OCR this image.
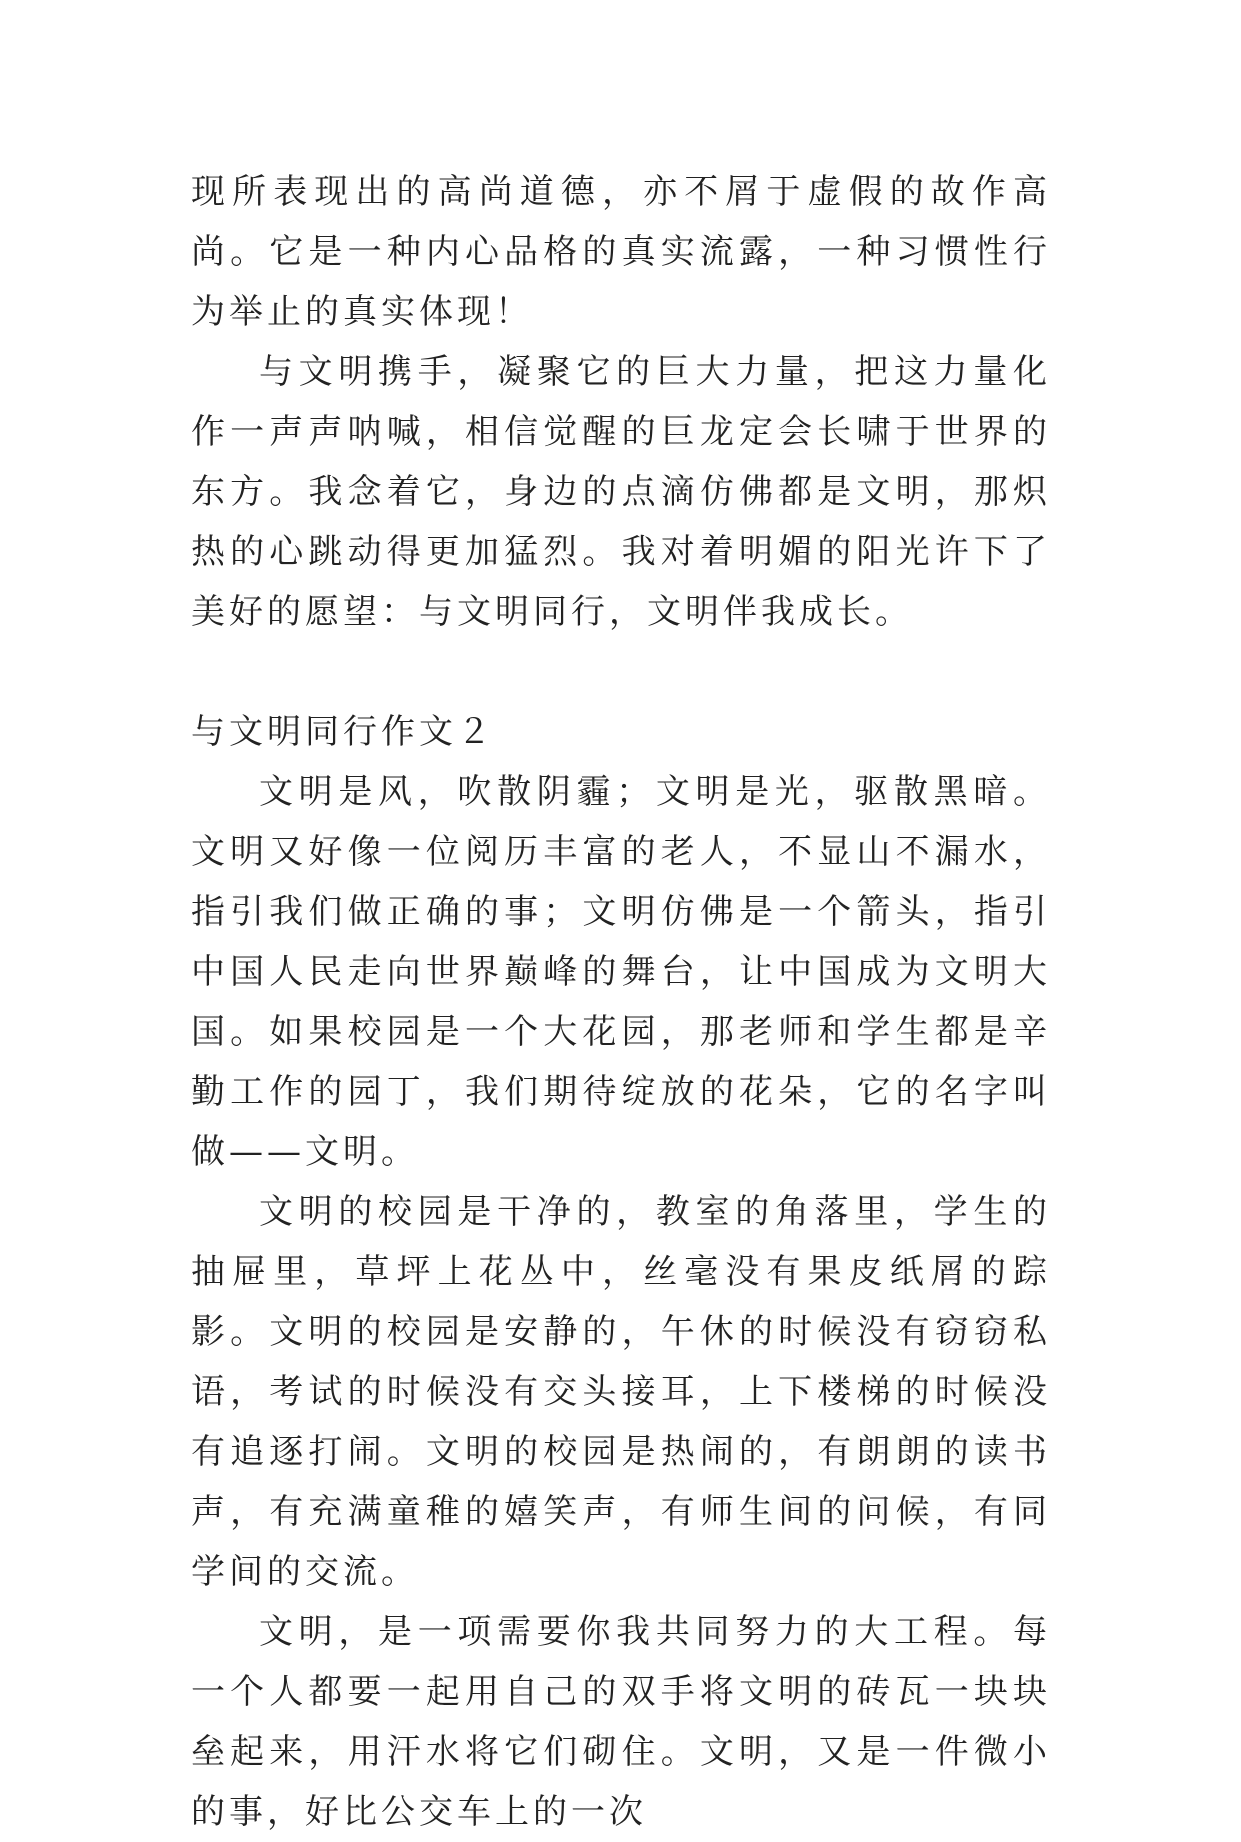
现所表现出的高尚道德，亦不屑于虚假的故作高尚。它是一种内心品格的真实流露，一种习惯性行为举止的真实体现！

与文明携手，凝聚它的巨大力量，把这力量化作一声声呐喊，相信觉醒的巨龙定会长啸于世界的东方。我念着它，身边的点滴仿佛都是文明，那炽热的心跳动得更加猛烈。我对着明媚的阳光许下了美好的愿望：与文明同行，文明伴我成长。

与文明同行作文２

文明是风，吹散阴霾；文明是光，驱散黑暗。文明又好像一位阅历丰富的老人，不显山不漏水，指引我们做正确的事；文明仿佛是一个箭头，指引中国人民走向世界巅峰的舞台，让中国成为文明大国。如果校园是一个大花园，那老师和学生都是辛勤工作的园丁，我们期待绽放的花朵，它的名字叫做——文明。

文明的校园是干净的，教室的角落里，学生的抽屉里，草坪上花丛中，丝毫没有果皮纸屑的踪影。文明的校园是安静的，午休的时候没有窃窃私语，考试的时候没有交头接耳，上下楼梯的时候没有追逐打闹。文明的校园是热闹的，有朗朗的读书声，有充满童稚的嬉笑声，有师生间的问候，有同学间的交流。

文明，是一项需要你我共同努力的大工程。每一个人都要一起用自己的双手将文明的砖瓦一块块垒起来，用汗水将它们砌住。文明，又是一件微小的事，好比公交车上的一次
